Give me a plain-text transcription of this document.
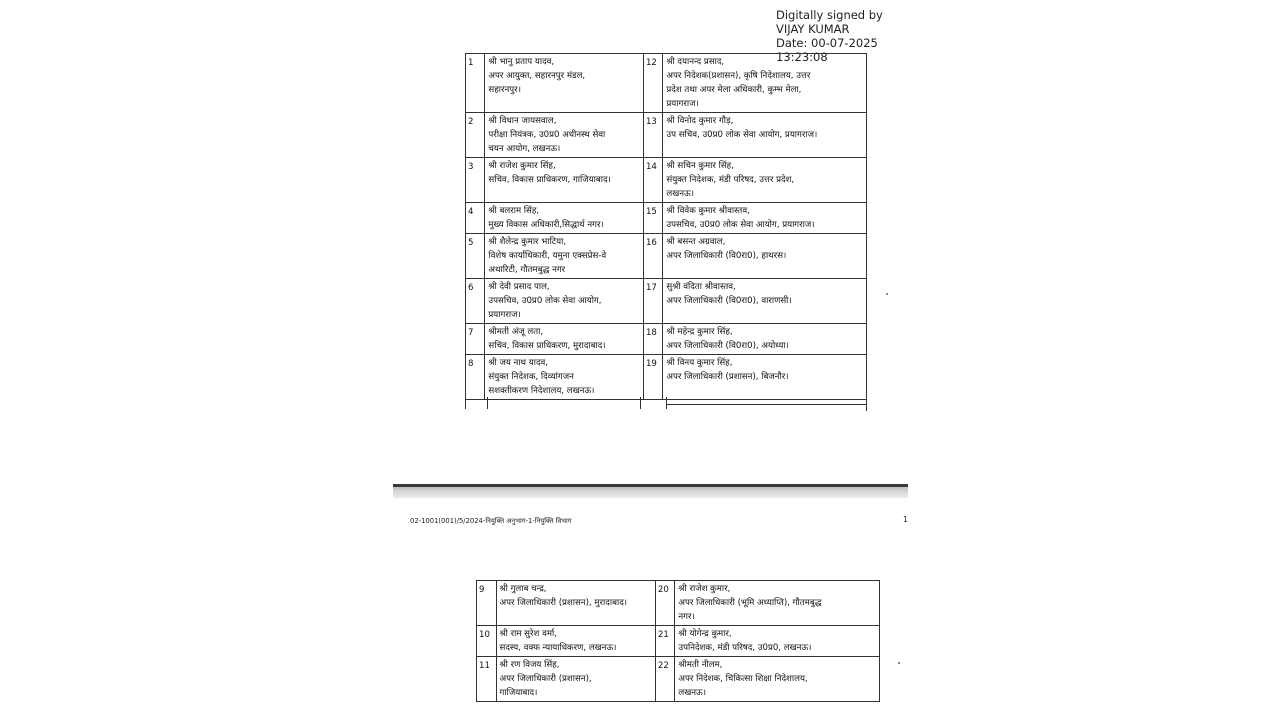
Digitally signed by
VIJAY KUMAR
Date: 00-07-2025
13:23:08
1	श्री भानु प्रताप यादव,
अपर आयुक्त, सहारनपुर मंडल,
सहारनपुर।	12	श्री दयानन्द प्रसाद,
अपर निदेशक(प्रशासन), कृषि निदेशालय, उत्तर
प्रदेश तथा अपर मेला अधिकारी, कुम्भ मेला,
प्रयागराज।

2	श्री विधान जायसवाल,
परीक्षा नियंत्रक, उ0प्र0 अधीनस्थ सेवा
चयन आयोग, लखनऊ।	13	श्री विनोद कुमार गौड़,
उप सचिव, उ0प्र0 लोक सेवा आयोग, प्रयागराज।

3	श्री राजेश कुमार सिंह,
सचिव, विकास प्राधिकरण, गाजियाबाद।	14	श्री सचिन कुमार सिंह,
संयुक्त निदेशक, मंडी परिषद, उत्तर प्रदेश,
लखनऊ।

4	श्री बलराम सिंह,
मुख्य विकास अधिकारी,सिद्धार्थ नगर।	15	श्री विवेक कुमार श्रीवास्तव,
उपसचिव, उ0प्र0 लोक सेवा आयोग, प्रयागराज।

5	श्री शैलेन्द्र कुमार भाटिया,
विशेष कार्याधिकारी, यमुना एक्सप्रेस-वे
अथारिटी, गौतमबुद्ध नगर	16	श्री बसन्त अग्रवाल,
अपर जिलाधिकारी (वि0रा0), हाथरस।

6	श्री देवी प्रसाद पाल,
उपसचिव, उ0प्र0 लोक सेवा आयोग,
प्रयागराज।	17	सुश्री वंदिता श्रीवास्तव,
अपर जिलाधिकारी (वि0रा0), वाराणसी।

7	श्रीमती अंजू लता,
सचिव, विकास प्राधिकरण, मुरादाबाद।	18	श्री महेन्द्र कुमार सिंह,
अपर जिलाधिकारी (वि0रा0), अयोध्या।

8	श्री जय नाथ यादव,
संयुक्त निदेशक, दिव्यांगजन
सशक्तीकरण निदेशालय, लखनऊ।	19	श्री विनय कुमार सिंह,
अपर जिलाधिकारी (प्रशासन), बिजनौर।
02-1001(001)/5/2024-नियुक्ति अनुभाग-1-नियुक्ति विभाग	1
9	श्री गुलाब चन्द्र,
अपर जिलाधिकारी (प्रशासन), मुरादाबाद।	20	श्री राजेश कुमार,
अपर जिलाधिकारी (भूमि अध्याप्ति), गौतमबुद्ध
नगर।

10	श्री राम सुरेश वर्मा,
सदस्य, वक्फ न्यायाधिकरण, लखनऊ।	21	श्री योगेन्द्र कुमार,
उपनिदेशक, मंडी परिषद, उ0प्र0, लखनऊ।

11	श्री रण विजय सिंह,
अपर जिलाधिकारी (प्रशासन),
गाजियाबाद।	22	श्रीमती नीलम,
अपर निदेशक, चिकित्सा शिक्षा निदेशालय,
लखनऊ।
